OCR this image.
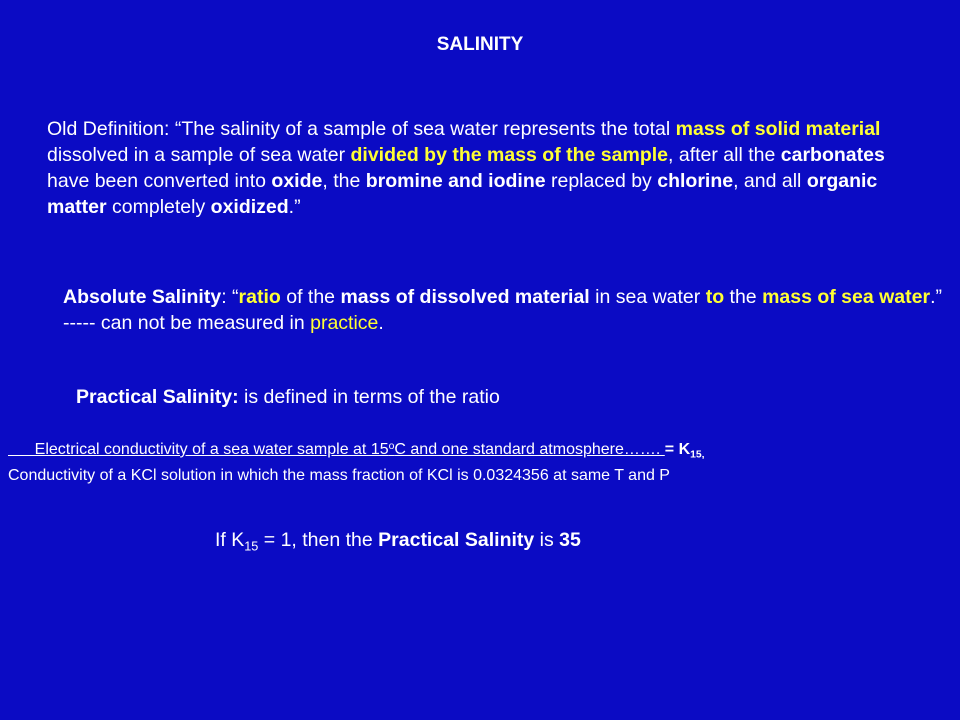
SALINITY
Old Definition: “The salinity of a sample of sea water represents the total mass of solid material dissolved in a sample of sea water divided by the mass of the sample, after all the carbonates have been converted into oxide, the bromine and iodine replaced by chlorine, and all organic matter completely oxidized.”
Absolute Salinity: “ratio of the mass of dissolved material in sea water to the mass of sea water.” ----- can not be measured in practice.
Practical Salinity: is defined in terms of the ratio
Electrical conductivity of a sea water sample at 15$^o$C and one standard atmosphere……. = $K_{15,}$
Conductivity of a KCl solution in which the mass fraction of KCl is 0.0324356 at same T and P
If $K_{15} = 1$, then the Practical Salinity is 35
